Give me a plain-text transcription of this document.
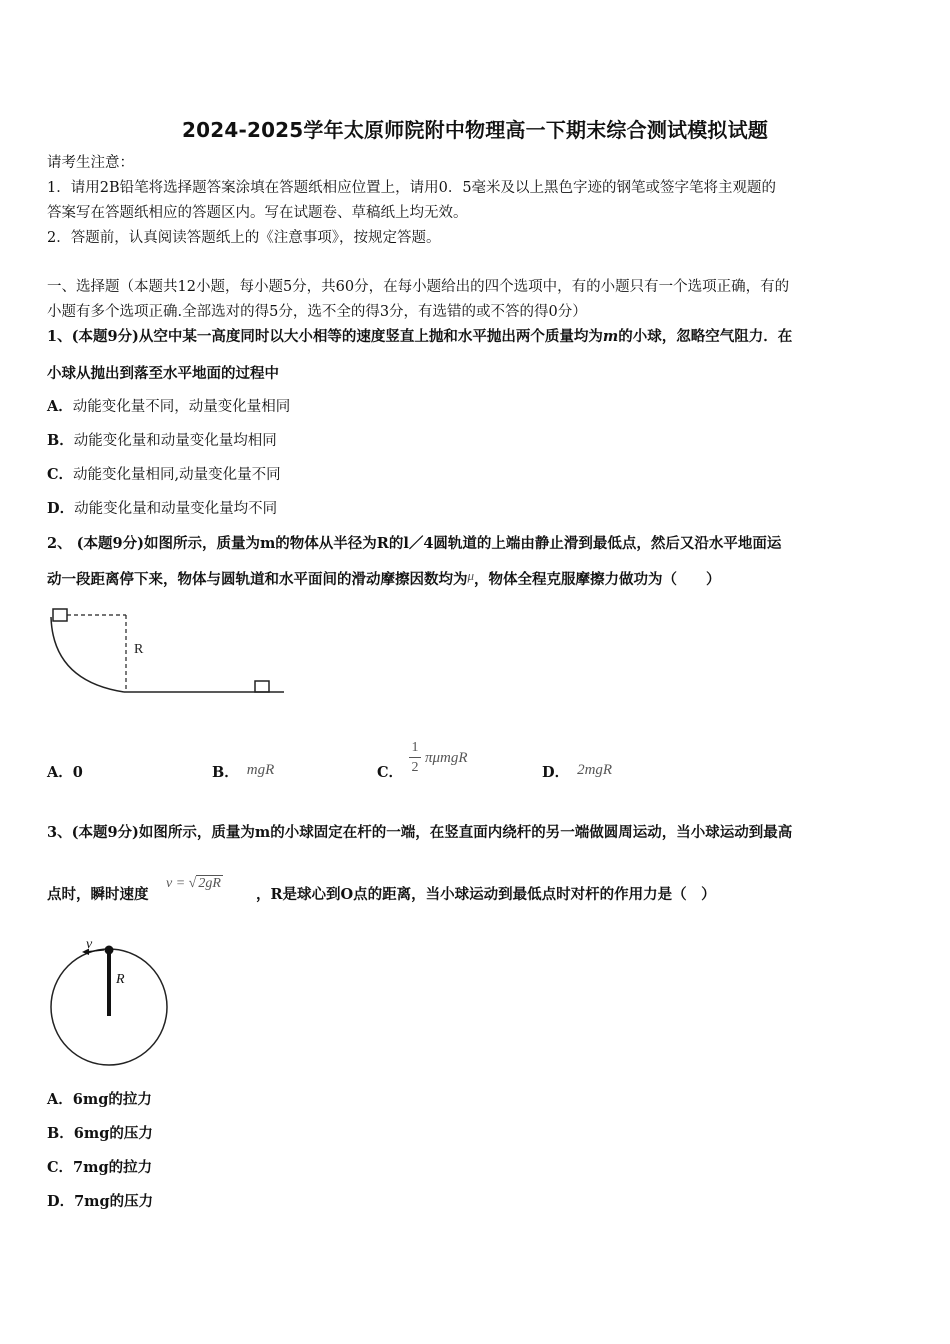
2024-2025学年太原师院附中物理高一下期末综合测试模拟试题
请考生注意：
1．请用2B铅笔将选择题答案涂填在答题纸相应位置上，请用0．5毫米及以上黑色字迹的钢笔或签字笔将主观题的
答案写在答题纸相应的答题区内。写在试题卷、草稿纸上均无效。
2．答题前，认真阅读答题纸上的《注意事项》，按规定答题。
一、选择题（本题共12小题，每小题5分，共60分，在每小题给出的四个选项中，有的小题只有一个选项正确，有的
小题有多个选项正确.全部选对的得5分，选不全的得3分，有选错的或不答的得0分）
1、(本题9分)从空中某一高度同时以大小相等的速度竖直上抛和水平抛出两个质量均为m的小球，忽略空气阻力．在
小球从抛出到落至水平地面的过程中
A．动能变化量不同，动量变化量相同
B．动能变化量和动量变化量均相同
C．动能变化量相同,动量变化量不同
D．动能变化量和动量变化量均不同
2、 (本题9分)如图所示，质量为m的物体从半径为R的l／4圆轨道的上端由静止滑到最低点，然后又沿水平地面运
动一段距离停下来，物体与圆轨道和水平面间的滑动摩擦因数均为μ，物体全程克服摩擦力做功为（　　）
R
A．0	B． mgR	C．
1
2
πμmgR
D． 2mgR
3、(本题9分)如图所示，质量为m的小球固定在杆的一端，在竖直面内绕杆的另一端做圆周运动，当小球运动到最高
点时，瞬时速度
v = √ 2gR
，R是球心到O点的距离，当小球运动到最低点时对杆的作用力是（　）
v
R
A．6mg的拉力
B．6mg的压力
C．7mg的拉力
D．7mg的压力
